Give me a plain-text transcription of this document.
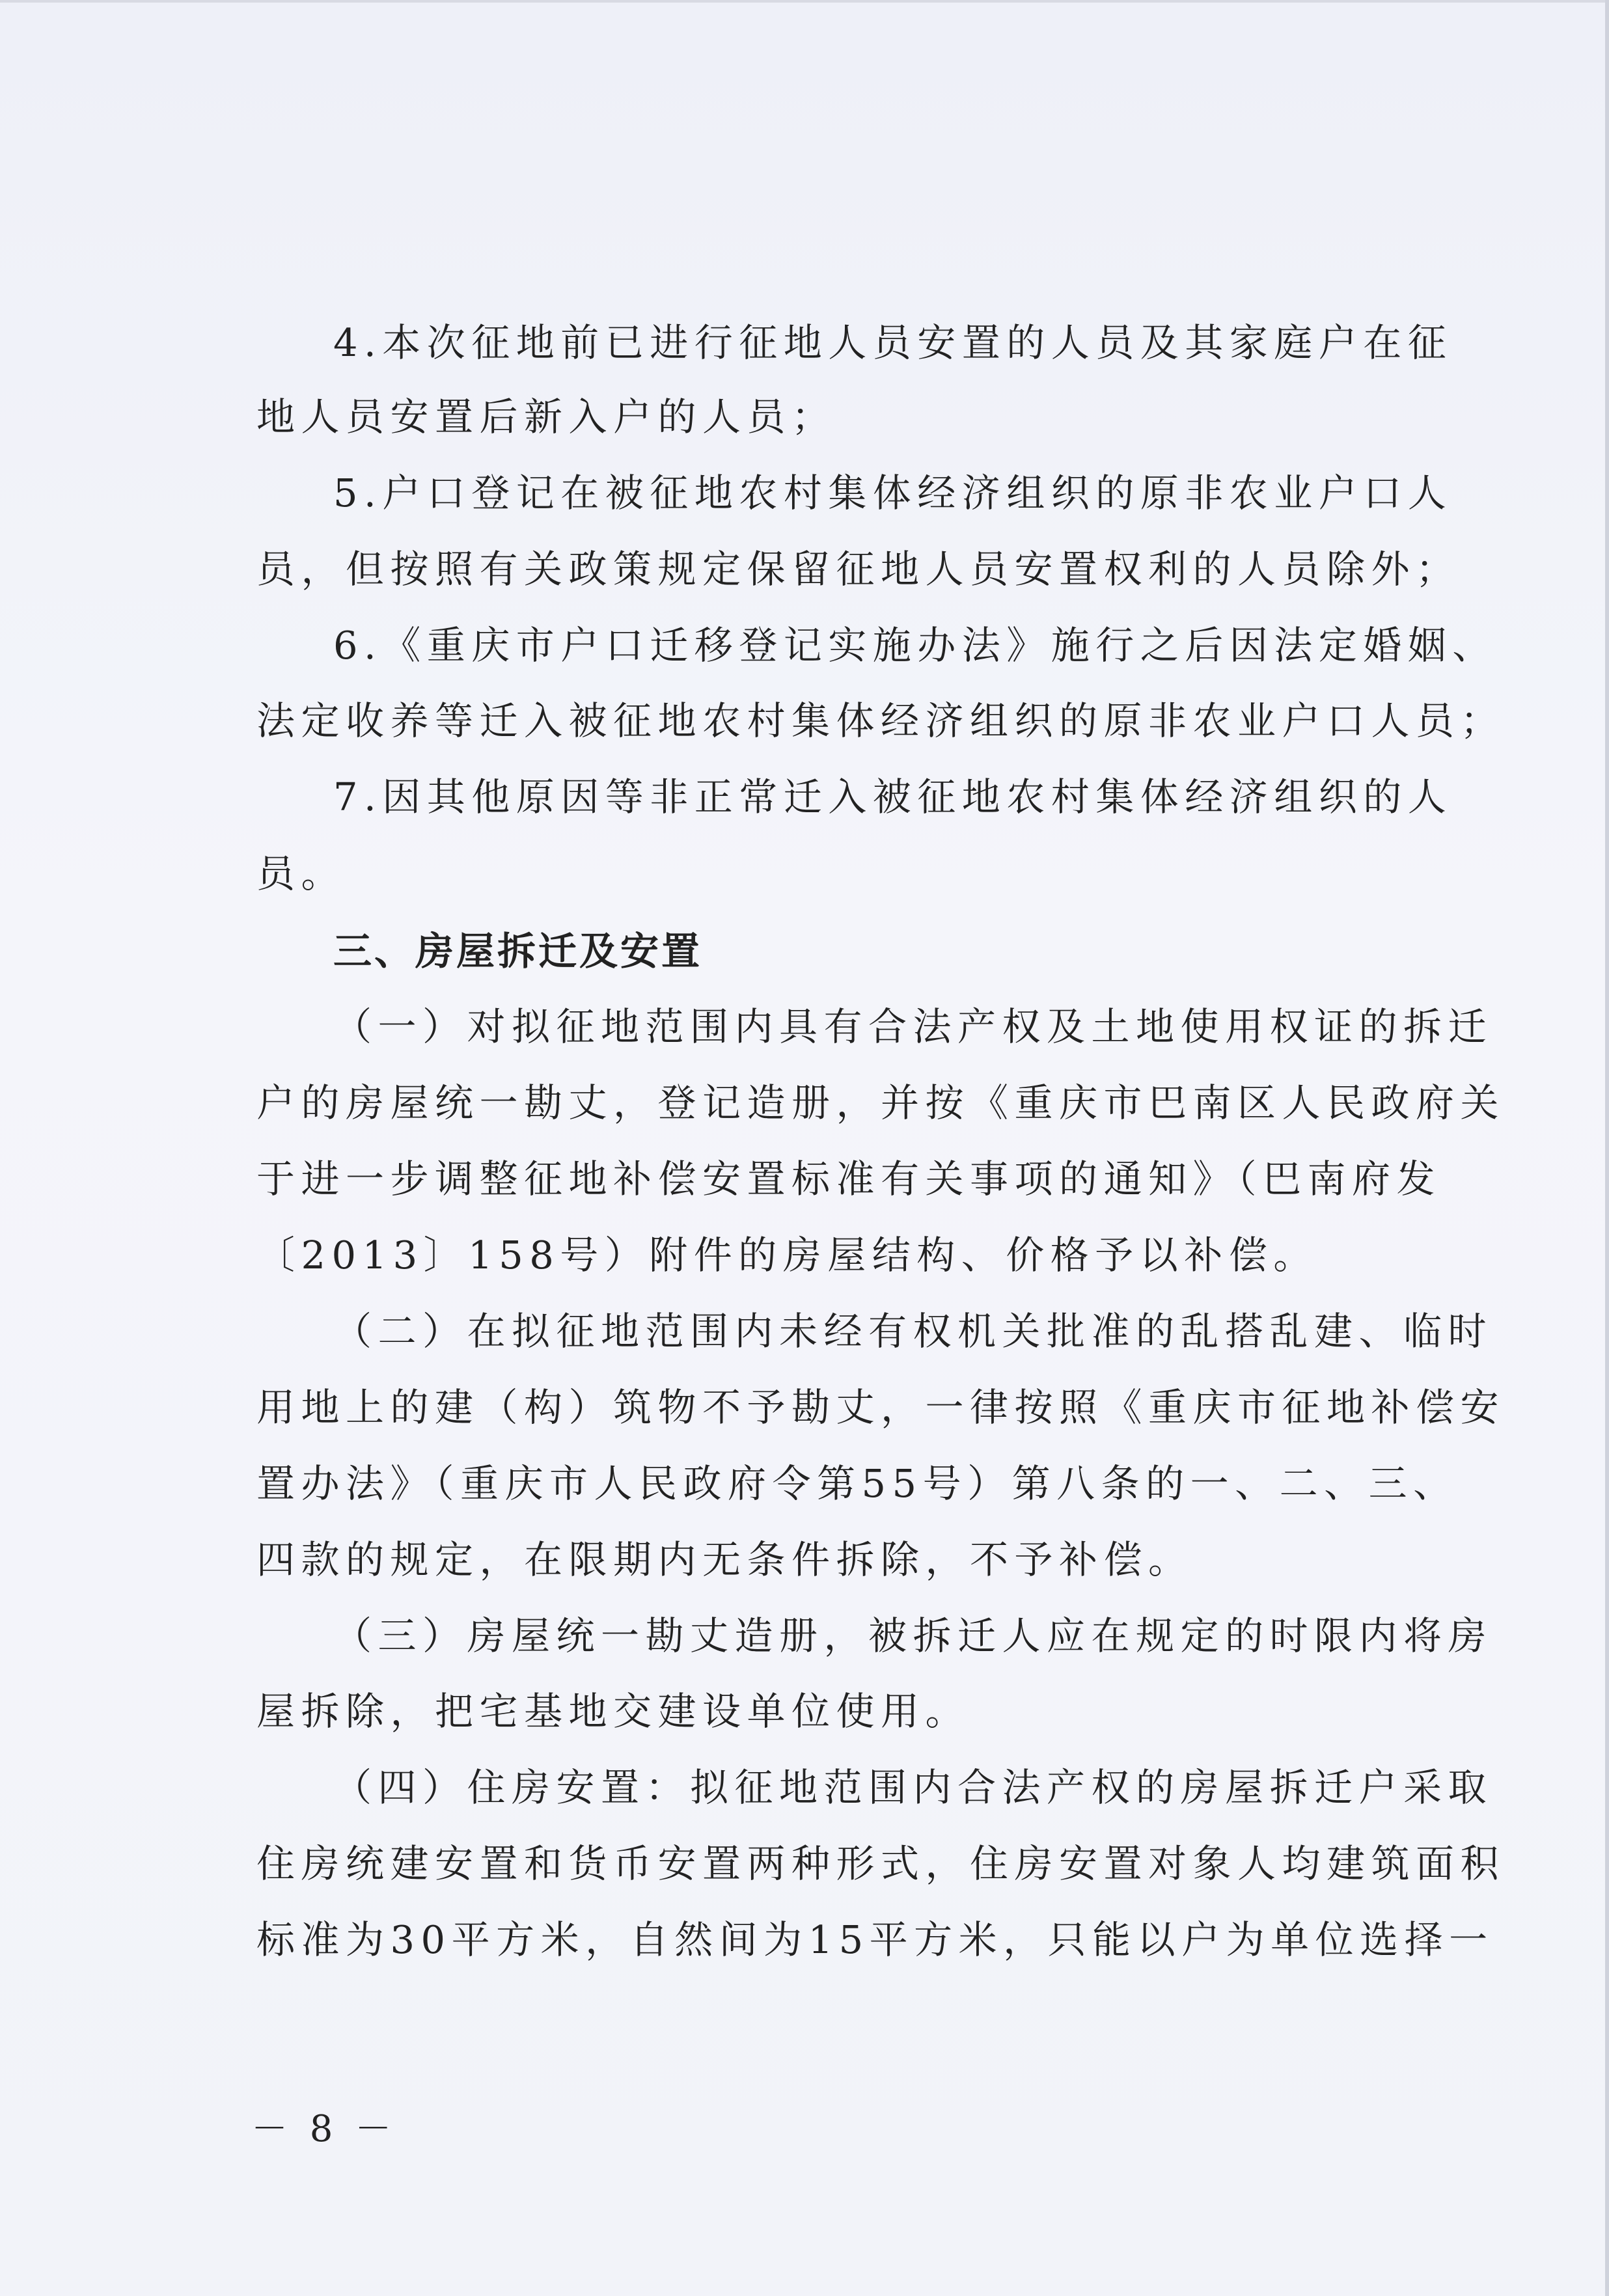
4.本次征地前已进行征地人员安置的人员及其家庭户在征
地人员安置后新入户的人员；
5.户口登记在被征地农村集体经济组织的原非农业户口人
员，但按照有关政策规定保留征地人员安置权利的人员除外；
6.《重庆市户口迁移登记实施办法》施行之后因法定婚姻、
法定收养等迁入被征地农村集体经济组织的原非农业户口人员；
7.因其他原因等非正常迁入被征地农村集体经济组织的人
员。
三、房屋拆迁及安置
（一）对拟征地范围内具有合法产权及土地使用权证的拆迁
户的房屋统一勘丈，登记造册，并按《重庆市巴南区人民政府关
于进一步调整征地补偿安置标准有关事项的通知》（巴南府发
〔2013〕158号）附件的房屋结构、价格予以补偿。
（二）在拟征地范围内未经有权机关批准的乱搭乱建、临时
用地上的建（构）筑物不予勘丈，一律按照《重庆市征地补偿安
置办法》（重庆市人民政府令第55号）第八条的一、二、三、
四款的规定，在限期内无条件拆除，不予补偿。
（三）房屋统一勘丈造册，被拆迁人应在规定的时限内将房
屋拆除，把宅基地交建设单位使用。
（四）住房安置：拟征地范围内合法产权的房屋拆迁户采取
住房统建安置和货币安置两种形式，住房安置对象人均建筑面积
标准为30平方米，自然间为15平方米，只能以户为单位选择一
－ 8 －
